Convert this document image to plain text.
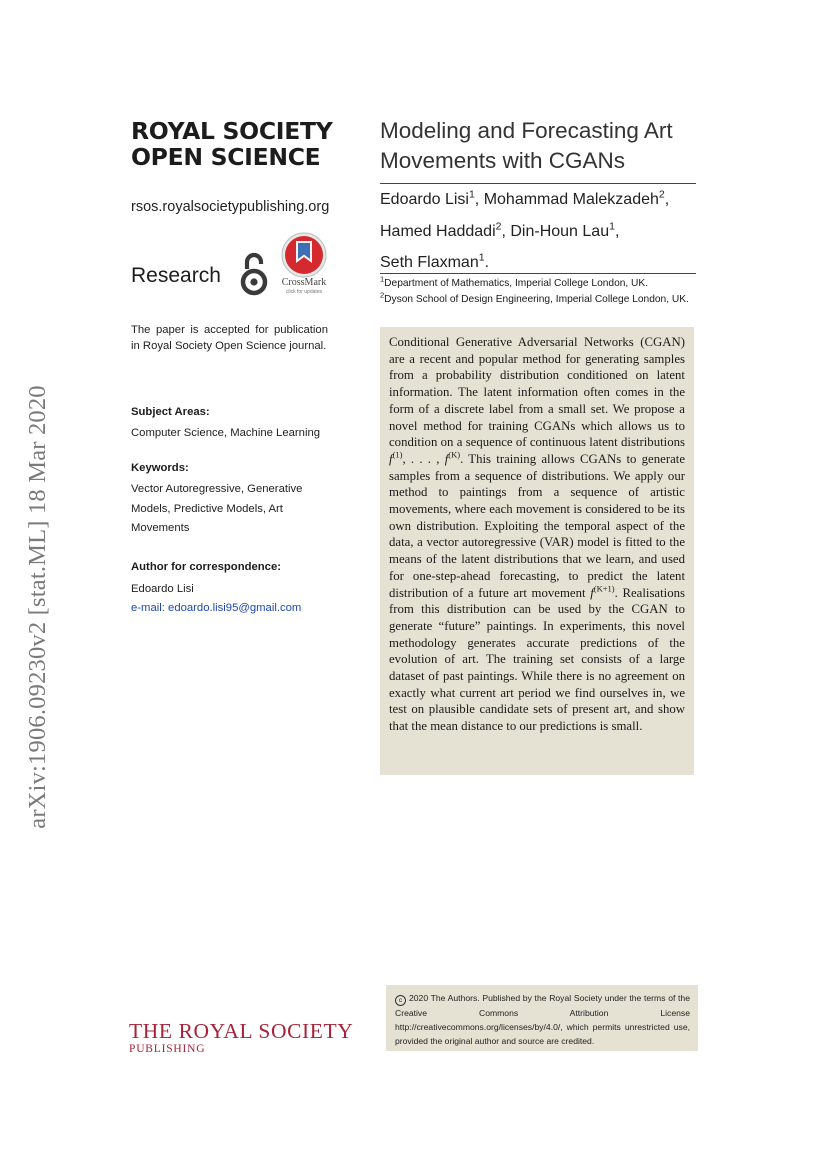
arXiv:1906.09230v2 [stat.ML] 18 Mar 2020
ROYAL SOCIETY
OPEN SCIENCE
rsos.royalsocietypublishing.org
Research	CrossMark
click for updates
The paper is accepted for publication in Royal Society Open Science journal.
Subject Areas:
Computer Science, Machine Learning
Keywords:
Vector Autoregressive, Generative
Models, Predictive Models, Art
Movements
Author for correspondence:
Edoardo Lisi
e-mail: edoardo.lisi95@gmail.com
Modeling and Forecasting Art
Movements with CGANs
Edoardo Lisi$^1$, Mohammad Malekzadeh$^2$,
Hamed Haddadi$^2$, Din-Houn Lau$^1$,
Seth Flaxman$^1$.
$^1$Department of Mathematics, Imperial College London, UK.
$^2$Dyson School of Design Engineering, Imperial College London, UK.
Conditional Generative Adversarial Networks (CGAN) are a recent and popular method for generating samples from a probability distribution conditioned on latent information. The latent information often comes in the form of a discrete label from a small set. We propose a novel method for training CGANs which allows us to condition on a sequence of continuous latent distributions $f^{(1)}$, . . . , $f^{(K)}$. This training allows CGANs to generate samples from a sequence of distributions. We apply our method to paintings from a sequence of artistic movements, where each movement is considered to be its own distribution. Exploiting the temporal aspect of the data, a vector autoregressive (VAR) model is fitted to the means of the latent distributions that we learn, and used for one-step-ahead forecasting, to predict the latent distribution of a future art movement $f^{(K+1)}$. Realisations from this distribution can be used by the CGAN to generate “future” paintings. In experiments, this novel methodology generates accurate predictions of the evolution of art. The training set consists of a large dataset of past paintings. While there is no agreement on exactly what current art period we find ourselves in, we test on plausible candidate sets of present art, and show that the mean distance to our predictions is small.
THE ROYAL SOCIETY
PUBLISHING
c 2020 The Authors. Published by the Royal Society under the terms of the Creative Commons Attribution License http://creativecommons.org/licenses/by/4.0/, which permits unrestricted use, provided the original author and source are credited.
